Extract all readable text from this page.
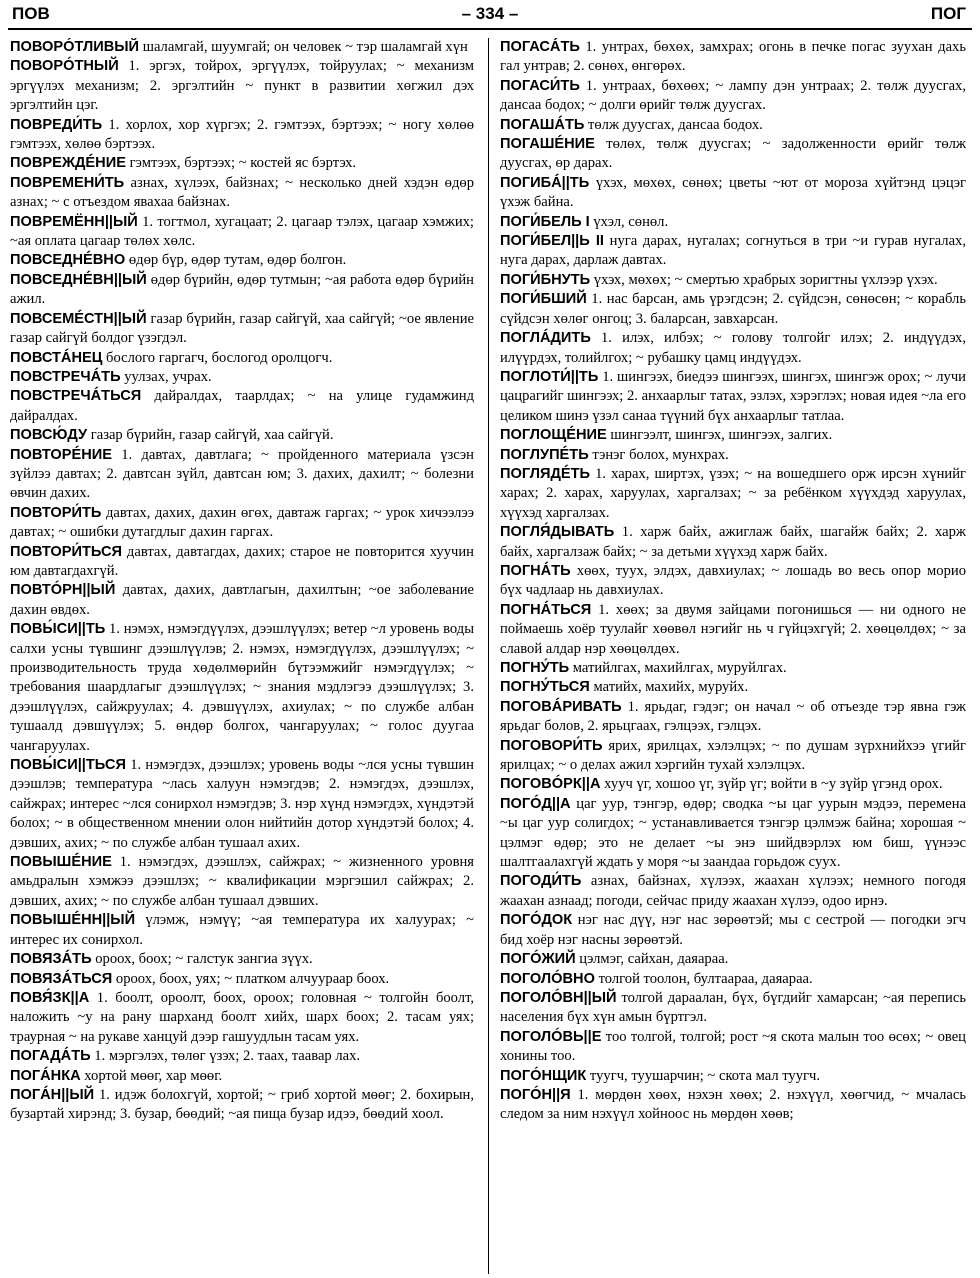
ПОВ	– 334 –	ПОГ

ПОВОРÓТЛИВЫЙ шаламгай, шуумгай; он человек ~ тэр шаламгай хүн

ПОВОРÓТНЫЙ 1. эргэх, тойрох, эргүүлэх, тойруулах; ~ механизм эргүүлэх механизм; 2. эргэлтийн ~ пункт в развитии хөгжил дэх эргэлтийн цэг.

ПОВРЕДИ́ТЬ 1. хорлох, хор хүргэх; 2. гэмтээх, бэртээх; ~ ногу хөлөө гэмтээх, хөлөө бэртээх.

ПОВРЕЖДÉНИЕ гэмтээх, бэртээх; ~ костей яс бэртэх.

ПОВРЕМЕНИ́ТЬ азнах, хүлээх, байзнах; ~ несколько дней хэдэн өдөр азнах; ~ с отъездом явахаа байзнах.

ПОВРЕМЁНН||ЫЙ 1. тогтмол, хугацаат; 2. цагаар тэлэх, цагаар хэмжих; ~ая оплата цагаар төлөх хөлс.

ПОВСЕДНÉВНО өдөр бүр, өдөр тутам, өдөр болгон.

ПОВСЕДНÉВН||ЫЙ өдөр бүрийн, өдөр тутмын; ~ая работа өдөр бүрийн ажил.

ПОВСЕМÉСТН||ЫЙ газар бүрийн, газар сайгүй, хаа сайгүй; ~ое явление газар сайгүй болдог үзэгдэл.

ПОВСТÁНЕЦ бослого гаргагч, бослогод оролцогч.

ПОВСТРЕЧÁТЬ уулзах, учрах.

ПОВСТРЕЧÁТЬСЯ дайралдах, таарлдах; ~ на улице гудамжинд дайралдах.

ПОВСЮ́ДУ газар бүрийн, газар сайгүй, хаа сайгүй.

ПОВТОРÉНИЕ 1. давтах, давтлага; ~ пройденного материала үзсэн зүйлээ давтах; 2. давтсан зүйл, давтсан юм; 3. дахих, дахилт; ~ болезни өвчин дахих.

ПОВТОРИ́ТЬ давтах, дахих, дахин өгөх, давтаж гаргах; ~ урок хичээлээ давтах; ~ ошибки дутагдлыг дахин гаргах.

ПОВТОРИ́ТЬСЯ давтах, давтагдах, дахих; старое не повторится хуучин юм давтагдахгүй.

ПОВТÓРН||ЫЙ давтах, дахих, давтлагын, дахилтын; ~ое заболевание дахин өвдөх.

ПОВЫ́СИ||ТЬ 1. нэмэх, нэмэгдүүлэх, дээшлүүлэх; ветер ~л уровень воды салхи усны түвшинг дээшлүүлэв; 2. нэмэх, нэмэгдүүлэх, дээшлүүлэх; ~ производительность труда хөдөлмөрийн бүтээмжийг нэмэгдүүлэх; ~ требования шаардлагыг дээшлүүлэх; ~ знания мэдлэгээ дээшлүүлэх; 3. дээшлүүлэх, сайжруулах; 4. дэвшүүлэх, ахиулах; ~ по службе албан тушаалд дэвшүүлэх; 5. өндөр болгох, чангаруулах; ~ голос дуугаа чангаруулах.

ПОВЫ́СИ||ТЬСЯ 1. нэмэгдэх, дээшлэх; уровень воды ~лся усны түвшин дээшлэв; температура ~лась халуун нэмэгдэв; 2. нэмэгдэх, дээшлэх, сайжрах; интерес ~лся сонирхол нэмэгдэв; 3. нэр хүнд нэмэгдэх, хүндэтэй болох; ~ в общественном мнении олон нийтийн дотор хүндэтэй болох; 4. дэвших, ахих; ~ по службе албан тушаал ахих.

ПОВЫШÉНИЕ 1. нэмэгдэх, дээшлэх, сайжрах; ~ жизненного уровня амьдралын хэмжээ дээшлэх; ~ квалификации мэргэшил сайжрах; 2. дэвших, ахих; ~ по службе албан тушаал дэвших.

ПОВЫШÉНН||ЫЙ үлэмж, нэмүү; ~ая температура их халуурах; ~ интерес их сонирхол.

ПОВЯЗÁТЬ ороох, боох; ~ галстук зангиа зүүх.

ПОВЯЗÁТЬСЯ ороох, боох, уях; ~ платком алчуураар боох.

ПОВЯ́ЗК||А 1. боолт, ороолт, боох, ороох; головная ~ толгойн боолт, наложить ~у на рану шарханд боолт хийх, шарх боох; 2. тасам уях; траурная ~ на рукаве ханцуй дээр гашуудлын тасам уях.

ПОГАДÁТЬ 1. мэргэлэх, төлөг үзэх; 2. таах, таавар лах.

ПОГÁНКА хортой мөөг, хар мөөг.

ПОГÁН||ЫЙ 1. идэж болохгүй, хортой; ~ гриб хортой мөөг; 2. бохирын, бузартай хирэнд; 3. бузар, бөөдий; ~ая пища бузар идээ, бөөдий хоол.

ПОГАСÁТЬ 1. унтрах, бөхөх, замхрах; огонь в печке погас зуухан дахь гал унтрав; 2. сөнөх, өнгөрөх.

ПОГАСИ́ТЬ 1. унтраах, бөхөөх; ~ лампу дэн унтраах; 2. төлж дуусгах, дансаа бодох; ~ долги өрийг төлж дуусгах.

ПОГАШÁТЬ төлж дуусгах, дансаа бодох.

ПОГАШÉНИЕ төлөх, төлж дуусгах; ~ задолженности өрийг төлж дуусгах, өр дарах.

ПОГИБÁ||ТЬ үхэх, мөхөх, сөнөх; цветы ~ют от мороза хүйтэнд цэцэг үхэж байна.

ПОГИ́БЕЛЬ I үхэл, сөнөл.

ПОГИ́БЕЛ||Ь II нуга дарах, нугалах; согнуться в три ~и гурав нугалах, нуга дарах, дарлаж давтах.

ПОГИ́БНУТЬ үхэх, мөхөх; ~ смертью храбрых зоригтны үхлээр үхэх.

ПОГИ́БШИЙ 1. нас барсан, амь үрэгдсэн; 2. сүйдсэн, сөнөсөн; ~ корабль сүйдсэн хөлөг онгоц; 3. баларсан, завхарсан.

ПОГЛÁДИТЬ 1. илэх, илбэх; ~ голову толгойг илэх; 2. индүүдэх, илүүрдэх, толийлгох; ~ рубашку цамц индүүдэх.

ПОГЛОТИ́||ТЬ 1. шингээх, биедээ шингээх, шингэх, шингэж орох; ~ лучи цацрагийг шингээх; 2. анхаарлыг татах, эзлэх, хэрэглэх; новая идея ~ла его целиком шинэ үзэл санаа түүний бүх анхаарлыг татлаа.

ПОГЛОЩÉНИЕ шингээлт, шингэх, шингээх, залгих.

ПОГЛУПÉТЬ тэнэг болох, мунхрах.

ПОГЛЯДÉТЬ 1. харах, ширтэх, үзэх; ~ на вошедшего орж ирсэн хүнийг харах; 2. харах, харуулах, харгалзах; ~ за ребёнком хүүхдэд харуулах, хүүхэд харгалзах.

ПОГЛЯ́ДЫВАТЬ 1. харж байх, ажиглаж байх, шагайж байх; 2. харж байх, харгалзаж байх; ~ за детьми хүүхэд харж байх.

ПОГНÁТЬ хөөх, туух, элдэх, давхиулах; ~ лошадь во весь опор морио бүх чадлаар нь давхиулах.

ПОГНÁТЬСЯ 1. хөөх; за двумя зайцами погонишься — ни одного не поймаешь хоёр туулайг хөөвөл нэгийг нь ч гүйцэхгүй; 2. хөөцөлдөх; ~ за славой алдар нэр хөөцөлдөх.

ПОГНУ́ТЬ матийлгах, махийлгах, муруйлгах.

ПОГНУ́ТЬСЯ матийх, махийх, муруйх.

ПОГОВÁРИВАТЬ 1. ярьдаг, гэдэг; он начал ~ об отъезде тэр явна гэж ярьдаг болов, 2. ярьцгаах, гэлцээх, гэлцэх.

ПОГОВОРИ́ТЬ ярих, ярилцах, хэлэлцэх; ~ по душам зүрхнийхээ үгийг ярилцах; ~ о делах ажил хэргийн тухай хэлэлцэх.

ПОГОВÓРК||А хууч үг, хошоо үг, зүйр үг; войти в ~у зүйр үгэнд орох.

ПОГÓД||А цаг уур, тэнгэр, өдөр; сводка ~ы цаг уурын мэдээ, перемена ~ы цаг уур солигдох; ~ устанавливается тэнгэр цэлмэж байна; хорошая ~ цэлмэг өдөр; это не делает ~ы энэ шийдвэрлэх юм биш, үүнээс шалтгаалахгүй ждать у моря ~ы заандаа горьдож суух.

ПОГОДИ́ТЬ азнах, байзнах, хүлээх, жаахан хүлээх; немного погодя жаахан азнаад; погоди, сейчас приду жаахан хүлээ, одоо ирнэ.

ПОГÓДОК нэг нас дүү, нэг нас зөрөөтэй; мы с сестрой — погодки эгч бид хоёр нэг насны зөрөөтэй.

ПОГÓЖИЙ цэлмэг, сайхан, даяараа.

ПОГОЛÓВНО толгой тоолон, бултаараа, даяараа.

ПОГОЛÓВН||ЫЙ толгой дараалан, бүх, бүгдийг хамарсан; ~ая перепись населения бүх хүн амын бүртгэл.

ПОГОЛÓВЬ||Е тоо толгой, толгой; рост ~я скота малын тоо өсөх; ~ овец хонины тоо.

ПОГÓНЩИК туугч, туушарчин; ~ скота мал туугч.

ПОГÓН||Я 1. мөрдөн хөөх, нэхэн хөөх; 2. нэхүүл, хөөгчид, ~ мчалась следом за ним нэхүүл хойноос нь мөрдөн хөөв;
